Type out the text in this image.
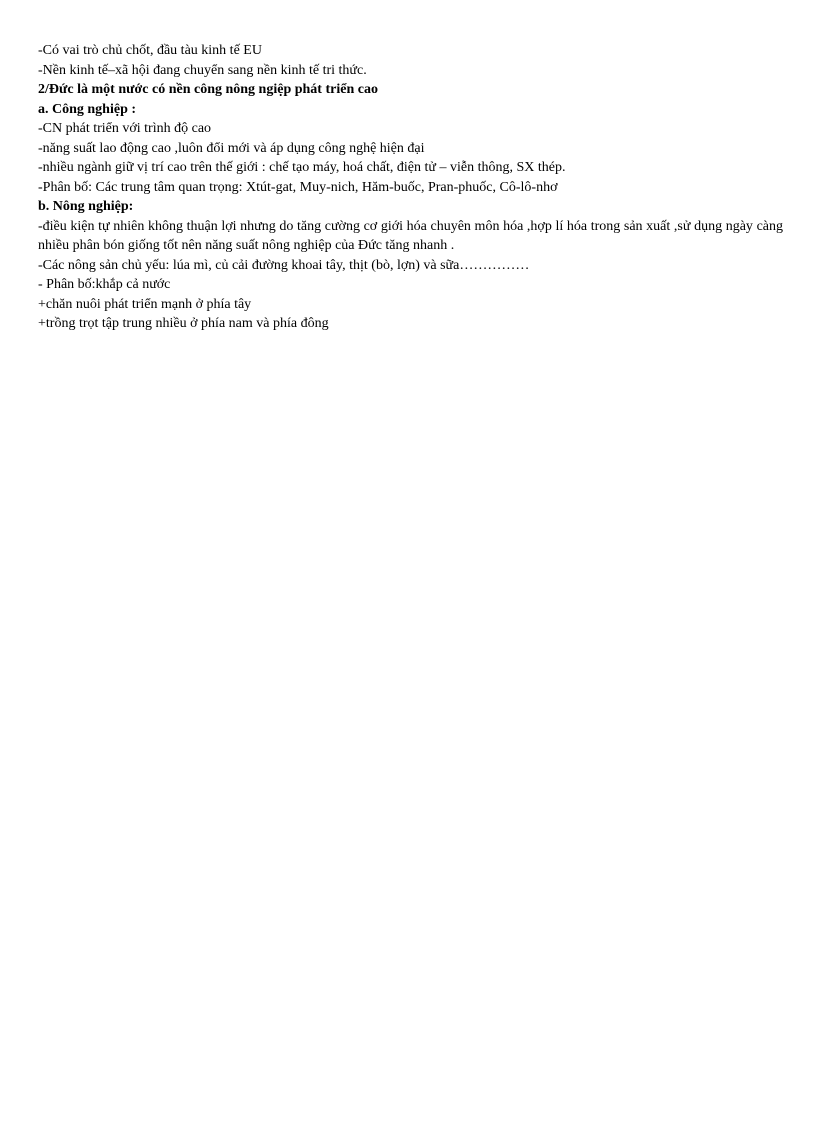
-Có vai trò chủ chốt, đầu tàu kinh tế EU
-Nền kinh tế–xã hội đang chuyển sang nền kinh tế tri thức.
2/Đức là một nước có nền công nông ngiệp phát triển cao
a. Công nghiệp :
-CN phát triển với trình độ cao
-năng suất lao động cao ,luôn đổi mới và áp dụng công nghệ hiện đại
-nhiều ngành giữ vị trí cao trên thế giới : chế tạo máy, hoá chất, điện tử – viễn thông, SX thép.
-Phân bố: Các trung tâm quan trọng: Xtút-gat, Muy-nich, Hăm-buốc, Pran-phuốc, Cô-lô-nhơ
b. Nông nghiệp:
-điều kiện tự nhiên không thuận lợi nhưng do tăng cường cơ giới hóa chuyên môn hóa ,hợp lí hóa trong sản xuất ,sử dụng ngày càng nhiều phân bón giống tốt nên năng suất nông nghiệp của Đức tăng nhanh .
-Các nông sản chủ yếu: lúa mì, củ cải đường khoai tây, thịt (bò, lợn) và sữa……………
- Phân bố:khắp cả nước
+chăn nuôi phát triển mạnh ở phía tây
+trồng trọt tập trung nhiều ở phía nam và phía đông
